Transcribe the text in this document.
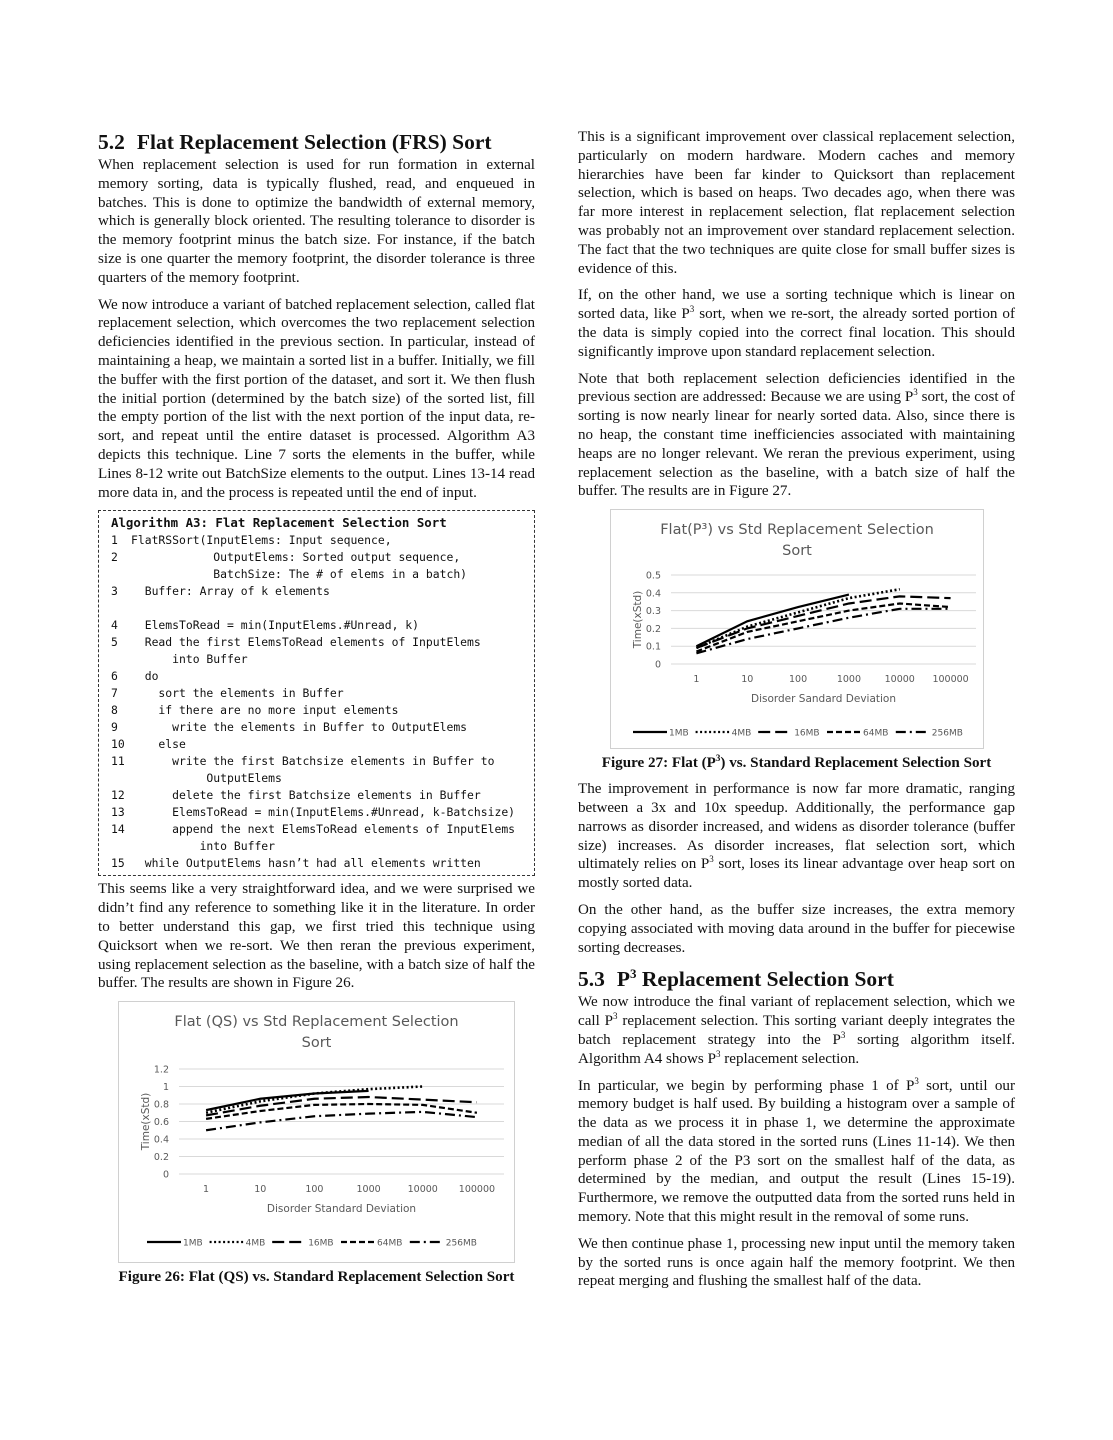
5.2 Flat Replacement Selection (FRS) Sort

When replacement selection is used for run formation in external memory sorting, data is typically flushed, read, and enqueued in batches. This is done to optimize the bandwidth of external memory, which is generally block oriented. The resulting tolerance to disorder is the memory footprint minus the batch size. For instance, if the batch size is one quarter the memory footprint, the disorder tolerance is three quarters of the memory footprint.

We now introduce a variant of batched replacement selection, called flat replacement selection, which overcomes the two replacement selection deficiencies identified in the previous section. In particular, instead of maintaining a heap, we maintain a sorted list in a buffer. Initially, we fill the buffer with the first portion of the dataset, and sort it. We then flush the initial portion (determined by the batch size) of the sorted list, fill the empty portion of the list with the next portion of the input data, re-sort, and repeat until the entire dataset is processed. Algorithm A3 depicts this technique. Line 7 sorts the elements in the buffer, while Lines 8-12 write out BatchSize elements to the output. Lines 13-14 read more data in, and the process is repeated until the end of input.

Algorithm A3: Flat Replacement Selection Sort
1	FlatRSSort(InputElems: Input sequence,
2	OutputElems: Sorted output sequence,
BatchSize: The # of elems in a batch)
3	Buffer: Array of k elements

4	ElemsToRead = min(InputElems.#Unread, k)
5	Read the first ElemsToRead elements of InputElems
into Buffer
6	do
7	sort the elements in Buffer
8	if there are no more input elements
9	write the elements in Buffer to OutputElems
10 else
11 write the first Batchsize elements in Buffer to
OutputElems
12 delete the first Batchsize elements in Buffer
13 ElemsToRead = min(InputElems.#Unread, k-Batchsize)
14 append the next ElemsToRead elements of InputElems
into Buffer
15 while OutputElems hasn’t had all elements written

This seems like a very straightforward idea, and we were surprised we didn’t find any reference to something like it in the literature. In order to better understand this gap, we first tried this technique using Quicksort when we re-sort. We then reran the previous experiment, using replacement selection as the baseline, with a batch size of half the buffer. The results are shown in Figure 26.

Flat (QS) vs Std Replacement Selection
Sort
0
0.2
0.4
0.6
0.8
1
1.2
1	10	100	1000	10000 100000
Disorder Standard Deviation
Time(xStd)
1MB	4MB	16MB	64MB	256MB
Figure 26: Flat (QS) vs. Standard Replacement Selection Sort

This is a significant improvement over classical replacement selection, particularly on modern hardware. Modern caches and memory hierarchies have been far kinder to Quicksort than replacement selection, which is based on heaps. Two decades ago, when there was far more interest in replacement selection, flat replacement selection was probably not an improvement over standard replacement selection. The fact that the two techniques are quite close for small buffer sizes is evidence of this.

If, on the other hand, we use a sorting technique which is linear on sorted data, like $P^3$ sort, when we re-sort, the already sorted portion of the data is simply copied into the correct final location. This should significantly improve upon standard replacement selection.

Note that both replacement selection deficiencies identified in the previous section are addressed: Because we are using $P^3$ sort, the cost of sorting is now nearly linear for nearly sorted data. Also, since there is no heap, the constant time inefficiencies associated with maintaining heaps are no longer relevant. We reran the previous experiment, using replacement selection as the baseline, with a batch size of half the buffer. The results are in Figure 27.

Flat(P³) vs Std Replacement Selection
Sort
0
0.1
0.2
0.3
0.4
0.5
1	10	100	1000 10000 100000
Disorder Sandard Deviation
Time(xStd)
1MB	4MB	16MB	64MB	256MB
Figure 27: Flat $(P^3)$ vs. Standard Replacement Selection Sort

The improvement in performance is now far more dramatic, ranging between a 3x and 10x speedup. Additionally, the performance gap narrows as disorder increased, and widens as disorder tolerance (buffer size) increases. As disorder increases, flat selection sort, which ultimately relies on $P^3$ sort, loses its linear advantage over heap sort on mostly sorted data.

On the other hand, as the buffer size increases, the extra memory copying associated with moving data around in the buffer for piecewise sorting decreases.

5.3 $P^3$ Replacement Selection Sort

We now introduce the final variant of replacement selection, which we call $P^3$ replacement selection. This sorting variant deeply integrates the batch replacement strategy into the $P^3$ sorting algorithm itself. Algorithm A4 shows $P^3$ replacement selection.

In particular, we begin by performing phase 1 of $P^3$ sort, until our memory budget is half used. By building a histogram over a sample of the data as we process it in phase 1, we determine the approximate median of all the data stored in the sorted runs (Lines 11-14). We then perform phase 2 of the P3 sort on the smallest half of the data, as determined by the median, and output the result (Lines 15-19). Furthermore, we remove the outputted data from the sorted runs held in memory. Note that this might result in the removal of some runs.

We then continue phase 1, processing new input until the memory taken by the sorted runs is once again half the memory footprint. We then repeat merging and flushing the smallest half of the data.
